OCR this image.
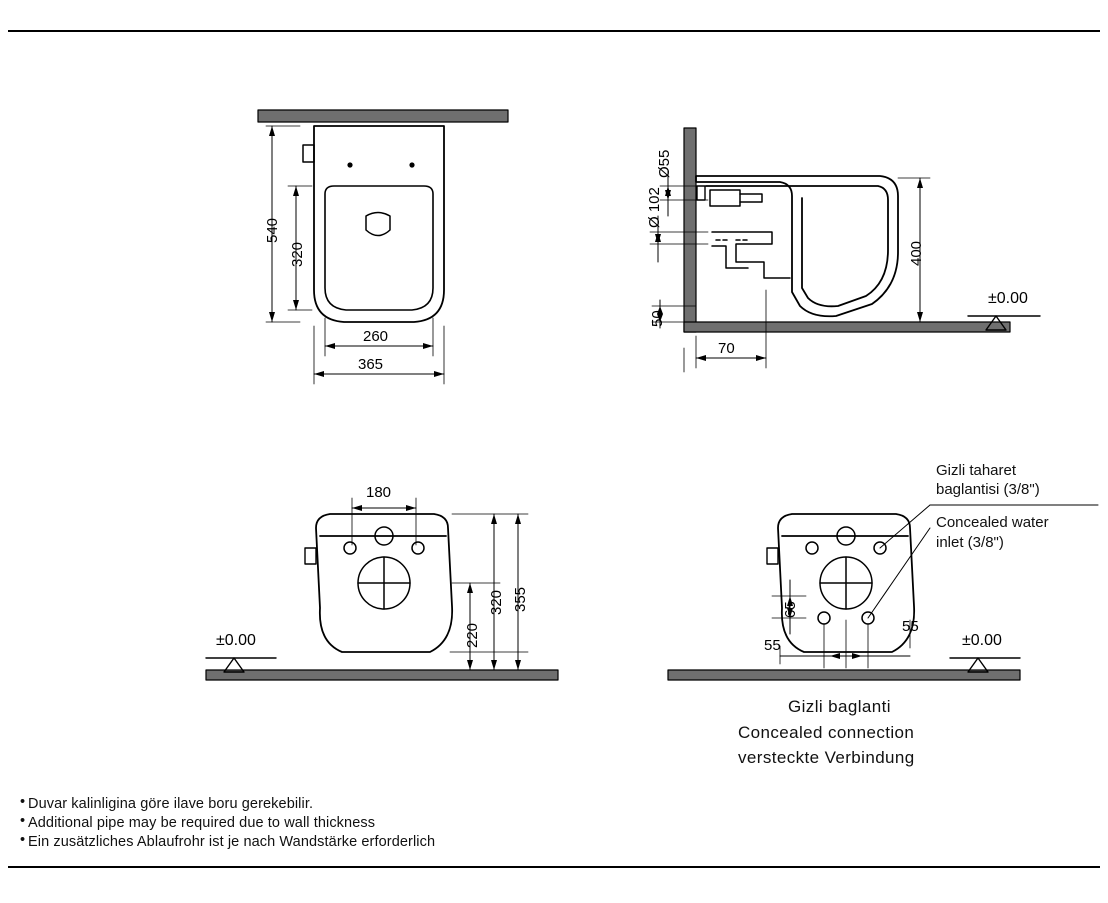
540
320
260
365
Ø55
Ø 102
400
50
70
±0.00
180
355
320
220
±0.00
65
55
55
±0.00
Gizli taharet
baglantisi (3/8")
Concealed water
inlet (3/8")
Gizli baglanti
Concealed connection
versteckte Verbindung
• Duvar kalinligina göre ilave boru gerekebilir.
• Additional pipe may be required due to wall thickness
• Ein zusätzliches Ablaufrohr ist je nach Wandstärke erforderlich
